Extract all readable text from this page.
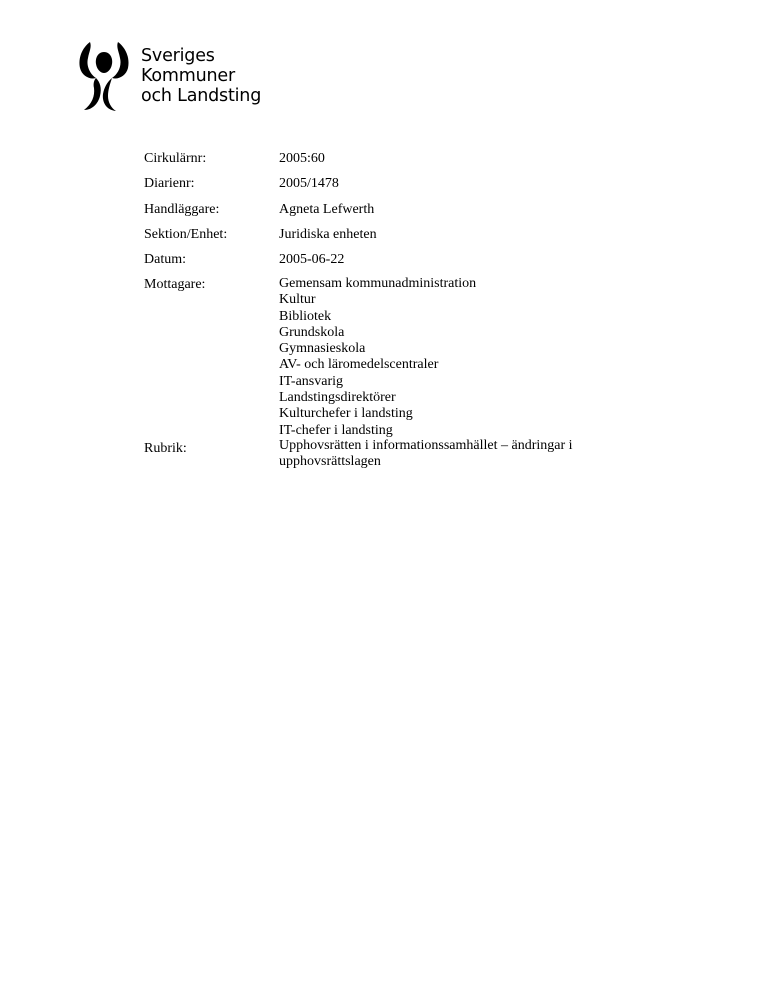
Sveriges
Kommuner
och Landsting
Cirkulärnr:	2005:60
Diarienr:	2005/1478
Handläggare:	Agneta Lefwerth
Sektion/Enhet:	Juridiska enheten
Datum:	2005-06-22
Mottagare:	Gemensam kommunadministration
Kultur
Bibliotek
Grundskola
Gymnasieskola
AV- och läromedelscentraler
IT-ansvarig
Landstingsdirektörer
Kulturchefer i landsting
IT-chefer i landsting
Rubrik:	Upphovsrätten i informationssamhället – ändringar i upphovsrättslagen
